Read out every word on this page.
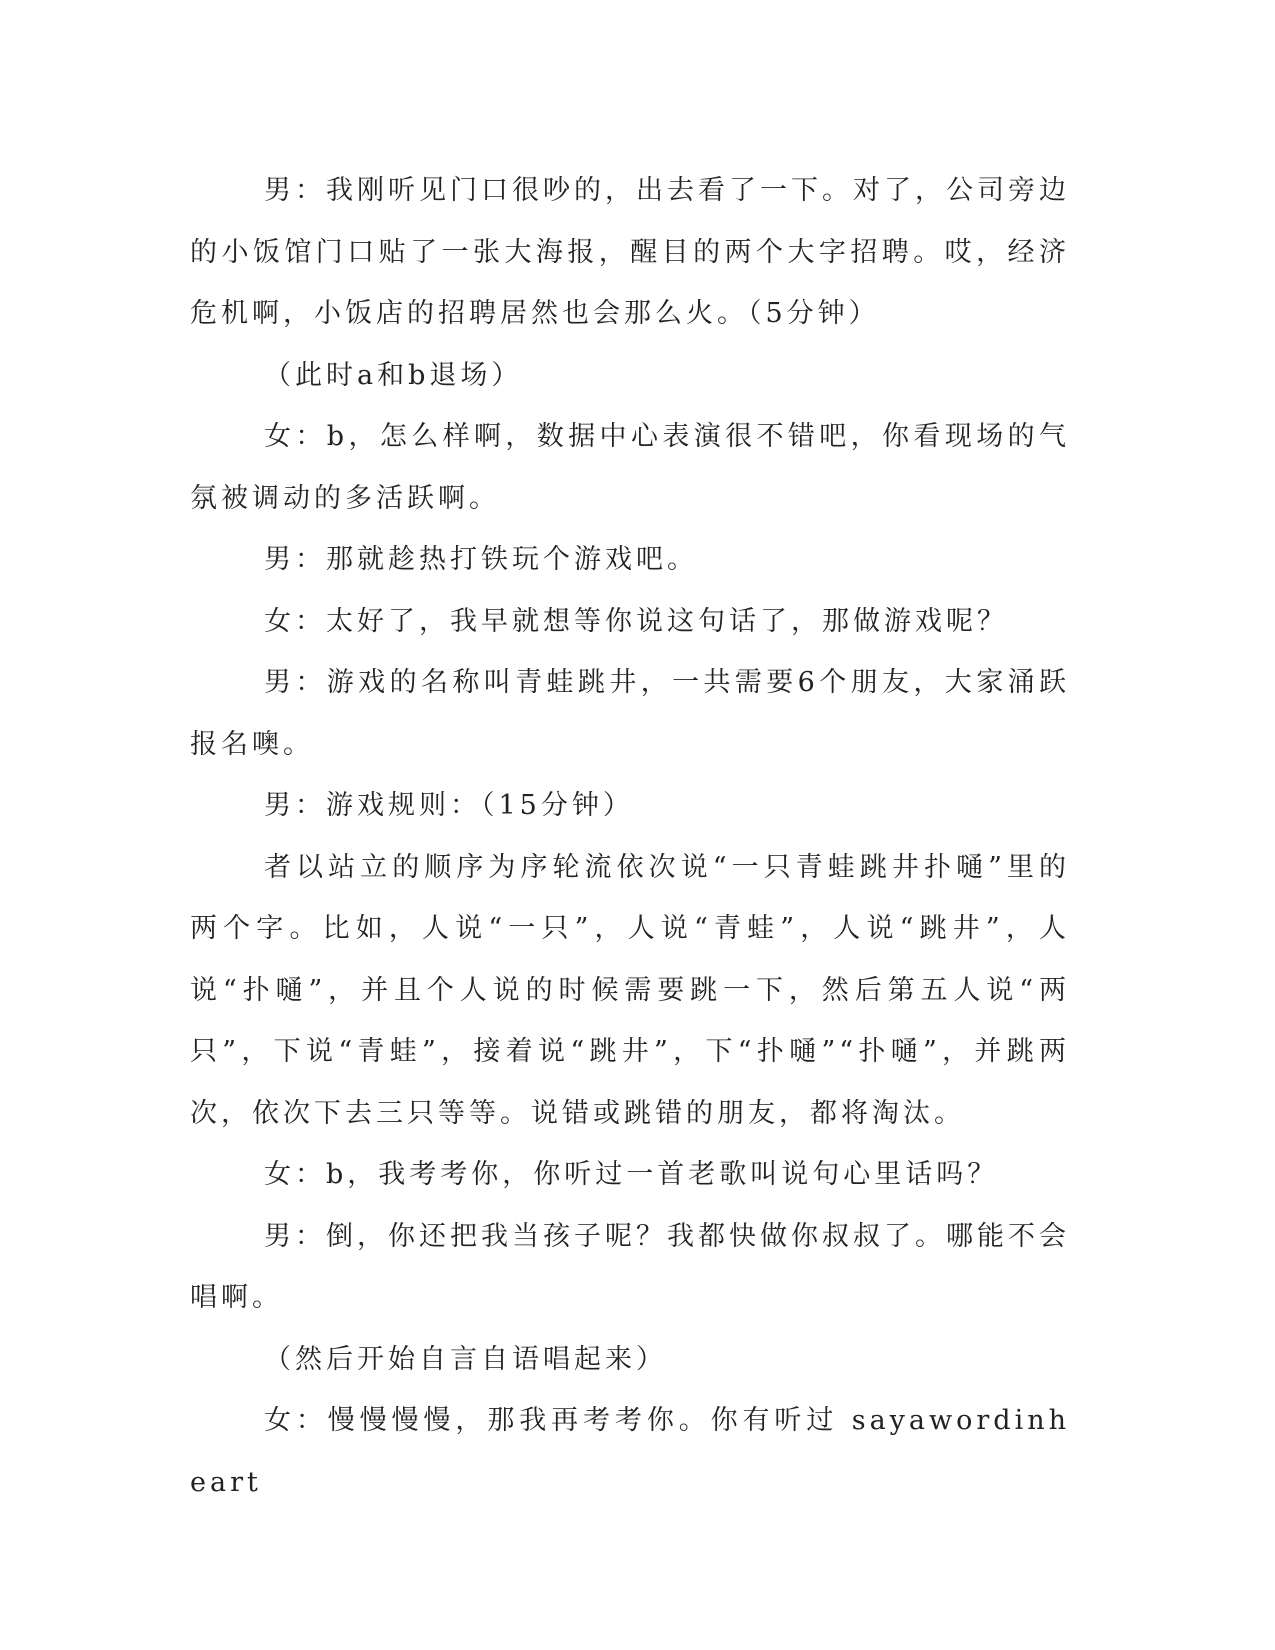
男：我刚听见门口很吵的，出去看了一下。对了，公司旁边的小饭馆门口贴了一张大海报，醒目的两个大字招聘。哎，经济危机啊，小饭店的招聘居然也会那么火。（5分钟）

（此时a和b退场）

女：b，怎么样啊，数据中心表演很不错吧，你看现场的气氛被调动的多活跃啊。

男：那就趁热打铁玩个游戏吧。

女：太好了，我早就想等你说这句话了，那做游戏呢？

男：游戏的名称叫青蛙跳井，一共需要6个朋友，大家涌跃报名噢。

男：游戏规则：（15分钟）

者以站立的顺序为序轮流依次说“一只青蛙跳井扑嗵”里的两个字。比如，人说“一只”，人说“青蛙”，人说“跳井”，人说“扑嗵”，并且个人说的时候需要跳一下，然后第五人说“两只”，下说“青蛙”，接着说“跳井”，下“扑嗵”“扑嗵”，并跳两次，依次下去三只等等。说错或跳错的朋友，都将淘汰。

女：b，我考考你，你听过一首老歌叫说句心里话吗？

男：倒，你还把我当孩子呢？我都快做你叔叔了。哪能不会唱啊。

（然后开始自言自语唱起来）

女：慢慢慢慢，那我再考考你。你有听过 sayawordinheart
